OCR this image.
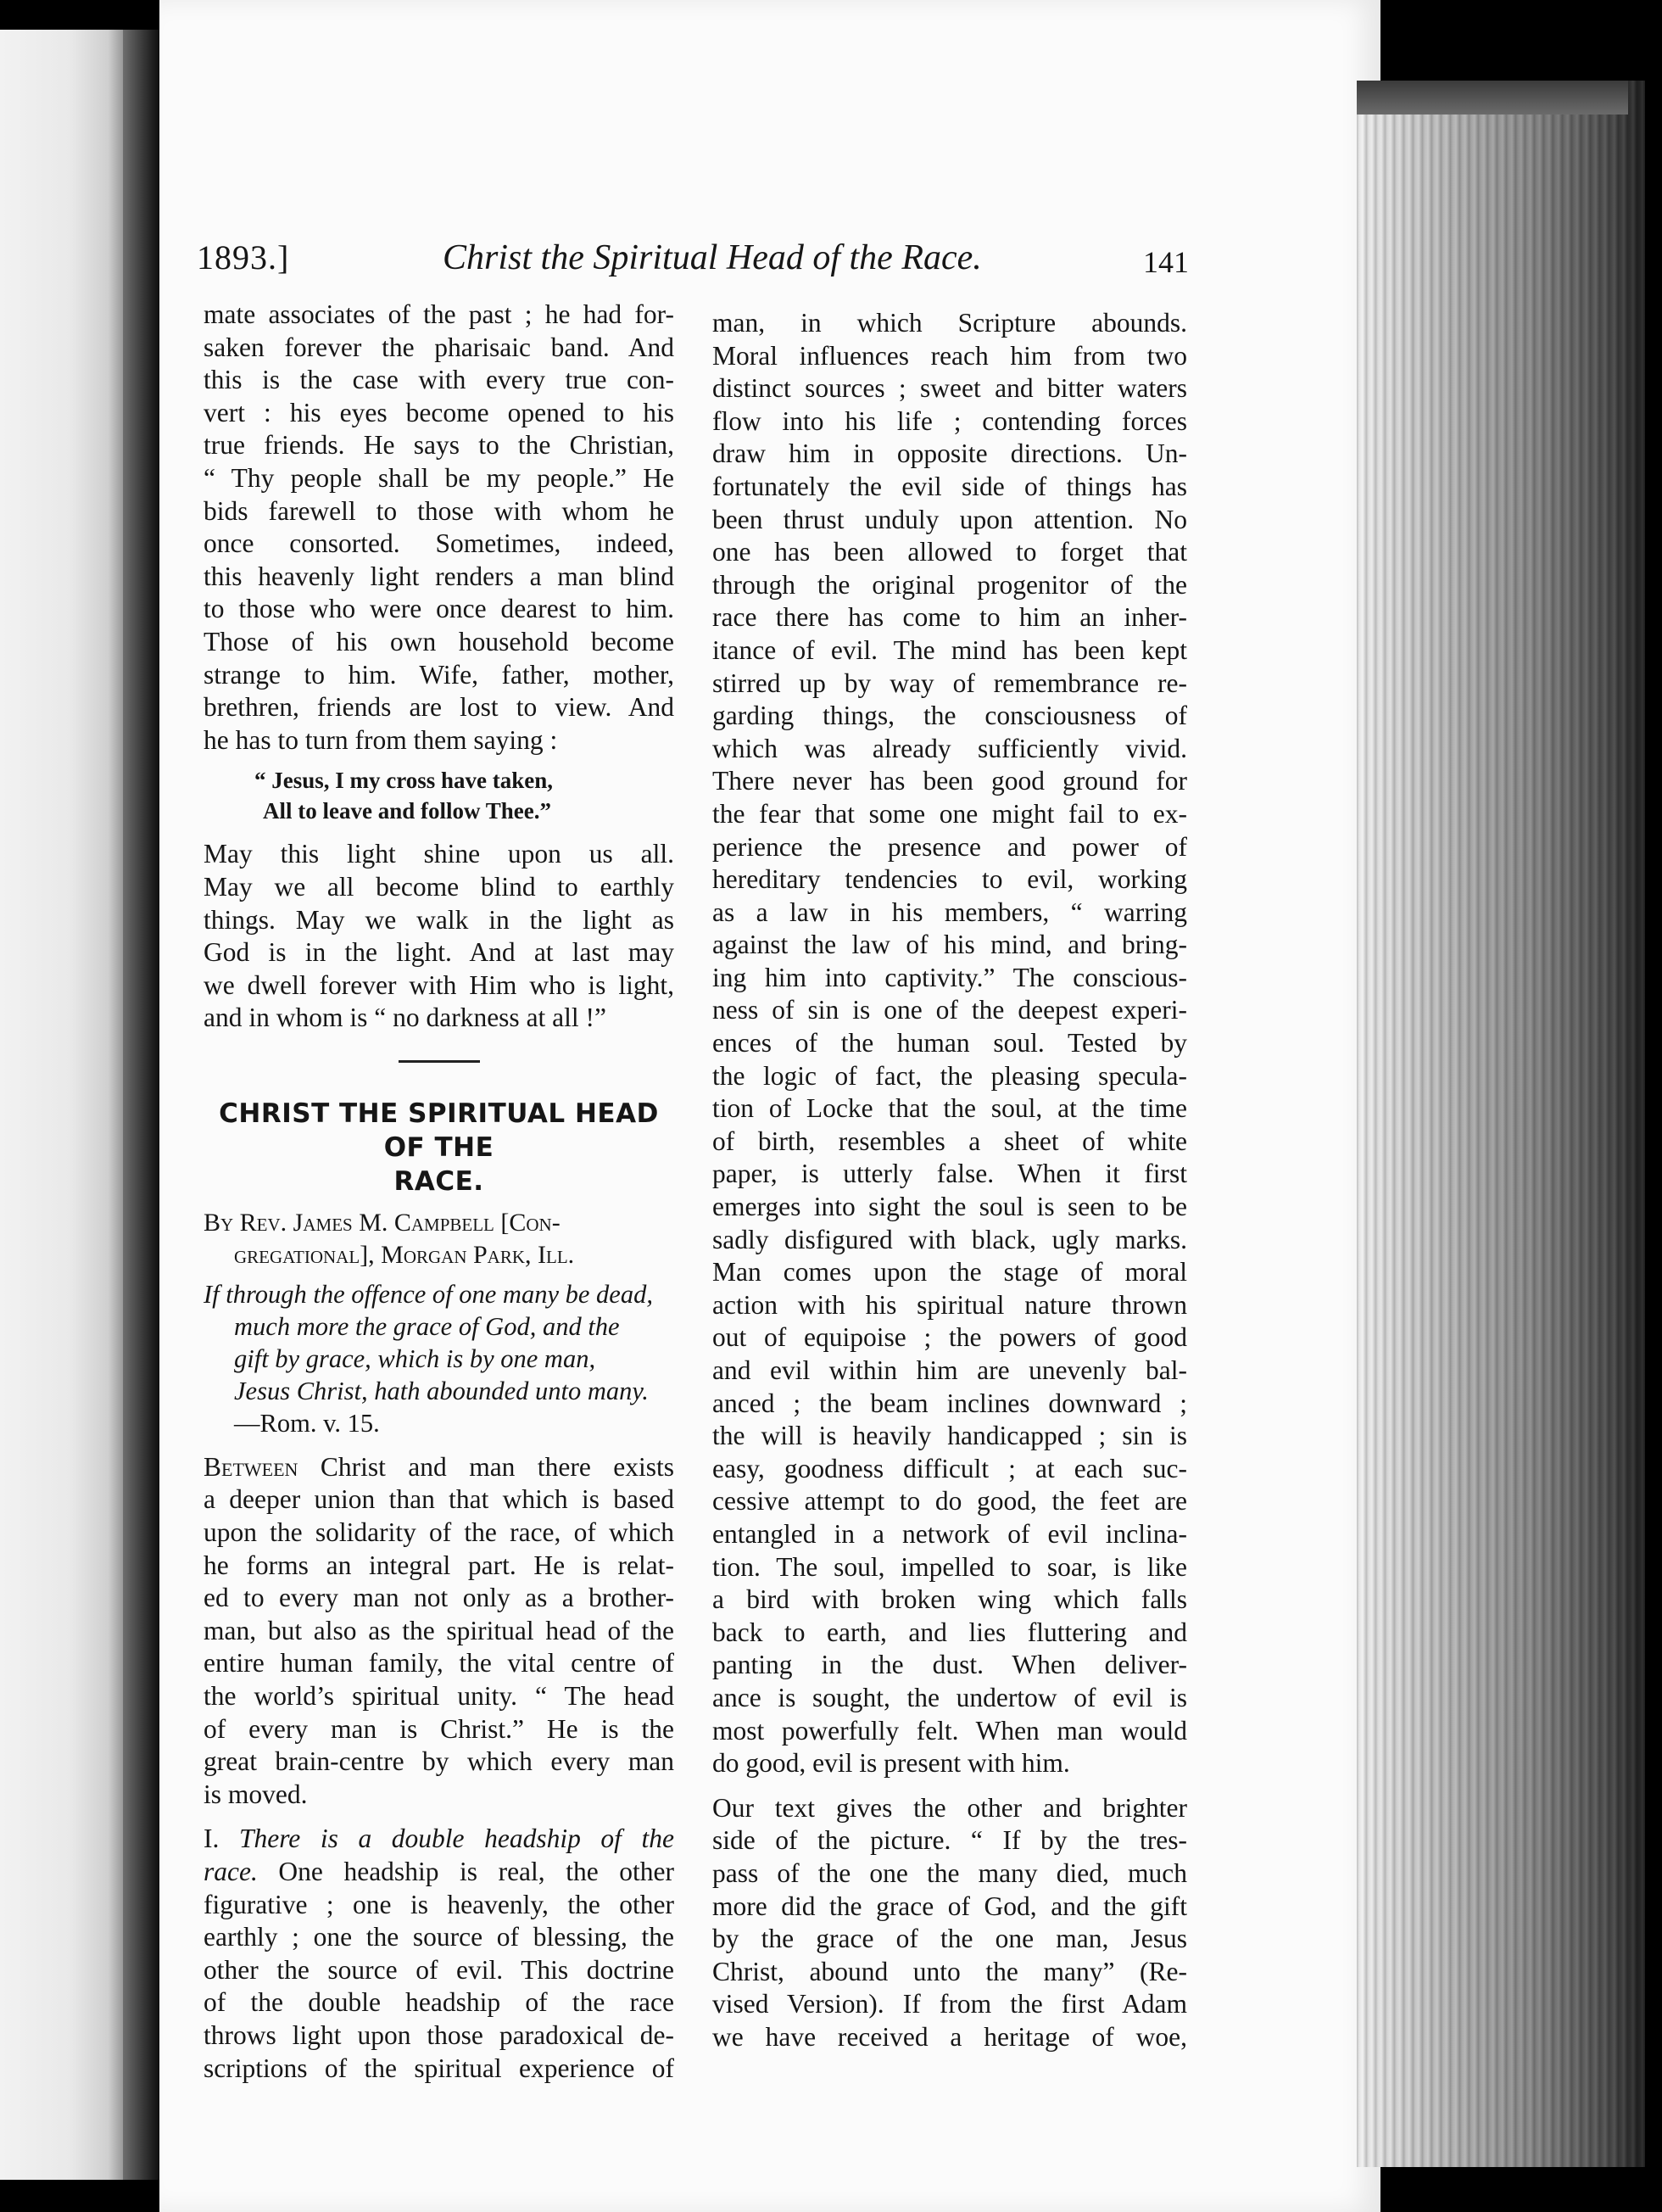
1893.]	Christ the Spiritual Head of the Race.	141

mate associates of the past ; he had for-
saken forever the pharisaic band. And
this is the case with every true con-
vert : his eyes become opened to his
true friends. He says to the Christian,
“ Thy people shall be my people.” He
bids farewell to those with whom he
once consorted. Sometimes, indeed,
this heavenly light renders a man blind
to those who were once dearest to him.
Those of his own household become
strange to him. Wife, father, mother,
brethren, friends are lost to view. And
he has to turn from them saying :

“ Jesus, I my cross have taken,
All to leave and follow Thee.”

May this light shine upon us all.
May we all become blind to earthly
things. May we walk in the light as
God is in the light. And at last may
we dwell forever with Him who is light,
and in whom is “ no darkness at all !”

CHRIST THE SPIRITUAL HEAD OF THE
RACE.
By Rev. James M. Campbell [Con-
gregational], Morgan Park, Ill.
If through the offence of one many be dead,
much more the grace of God, and the
gift by grace, which is by one man,
Jesus Christ, hath abounded unto many.
—Rom. v. 15.

Between Christ and man there exists
a deeper union than that which is based
upon the solidarity of the race, of which
he forms an integral part. He is relat-
ed to every man not only as a brother-
man, but also as the spiritual head of the
entire human family, the vital centre of
the world’s spiritual unity. “ The head
of every man is Christ.” He is the
great brain-centre by which every man
is moved.

I. There is a double headship of the
race. One headship is real, the other
figurative ; one is heavenly, the other
earthly ; one the source of blessing, the
other the source of evil. This doctrine
of the double headship of the race
throws light upon those paradoxical de-
scriptions of the spiritual experience of

man, in which Scripture abounds.
Moral influences reach him from two
distinct sources ; sweet and bitter waters
flow into his life ; contending forces
draw him in opposite directions. Un-
fortunately the evil side of things has
been thrust unduly upon attention. No
one has been allowed to forget that
through the original progenitor of the
race there has come to him an inher-
itance of evil. The mind has been kept
stirred up by way of remembrance re-
garding things, the consciousness of
which was already sufficiently vivid.
There never has been good ground for
the fear that some one might fail to ex-
perience the presence and power of
hereditary tendencies to evil, working
as a law in his members, “ warring
against the law of his mind, and bring-
ing him into captivity.” The conscious-
ness of sin is one of the deepest experi-
ences of the human soul. Tested by
the logic of fact, the pleasing specula-
tion of Locke that the soul, at the time
of birth, resembles a sheet of white
paper, is utterly false. When it first
emerges into sight the soul is seen to be
sadly disfigured with black, ugly marks.
Man comes upon the stage of moral
action with his spiritual nature thrown
out of equipoise ; the powers of good
and evil within him are unevenly bal-
anced ; the beam inclines downward ;
the will is heavily handicapped ; sin is
easy, goodness difficult ; at each suc-
cessive attempt to do good, the feet are
entangled in a network of evil inclina-
tion. The soul, impelled to soar, is like
a bird with broken wing which falls
back to earth, and lies fluttering and
panting in the dust. When deliver-
ance is sought, the undertow of evil is
most powerfully felt. When man would
do good, evil is present with him.

Our text gives the other and brighter
side of the picture. “ If by the tres-
pass of the one the many died, much
more did the grace of God, and the gift
by the grace of the one man, Jesus
Christ, abound unto the many” (Re-
vised Version). If from the first Adam
we have received a heritage of woe,
